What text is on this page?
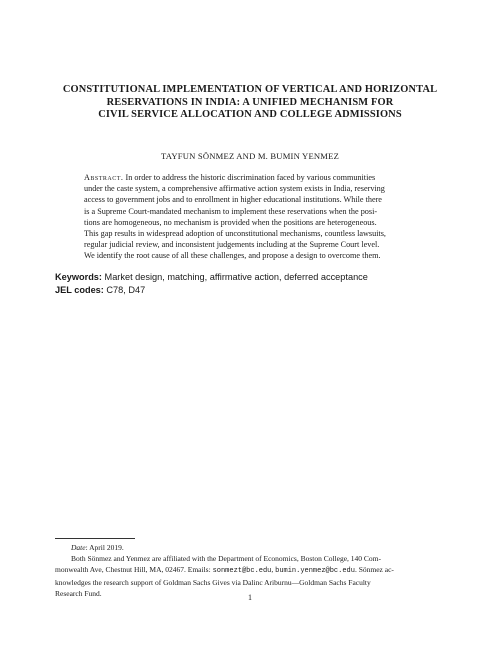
CONSTITUTIONAL IMPLEMENTATION OF VERTICAL AND HORIZONTAL
RESERVATIONS IN INDIA: A UNIFIED MECHANISM FOR
CIVIL SERVICE ALLOCATION AND COLLEGE ADMISSIONS
TAYFUN SÖNMEZ AND M. BUMIN YENMEZ
Abstract. In order to address the historic discrimination faced by various communities
under the caste system, a comprehensive affirmative action system exists in India, reserving
access to government jobs and to enrollment in higher educational institutions. While there
is a Supreme Court-mandated mechanism to implement these reservations when the posi-
tions are homogeneous, no mechanism is provided when the positions are heterogeneous.
This gap results in widespread adoption of unconstitutional mechanisms, countless lawsuits,
regular judicial review, and inconsistent judgements including at the Supreme Court level.
We identify the root cause of all these challenges, and propose a design to overcome them.
Keywords: Market design, matching, affirmative action, deferred acceptance
JEL codes: C78, D47
Date: April 2019.
Both Sönmez and Yenmez are affiliated with the Department of Economics, Boston College, 140 Com-
monwealth Ave, Chestnut Hill, MA, 02467. Emails: sonmezt@bc.edu, bumin.yenmez@bc.edu. Sönmez ac-
knowledges the research support of Goldman Sachs Gives via Dalinc Ariburnu—Goldman Sachs Faculty
Research Fund.	1
